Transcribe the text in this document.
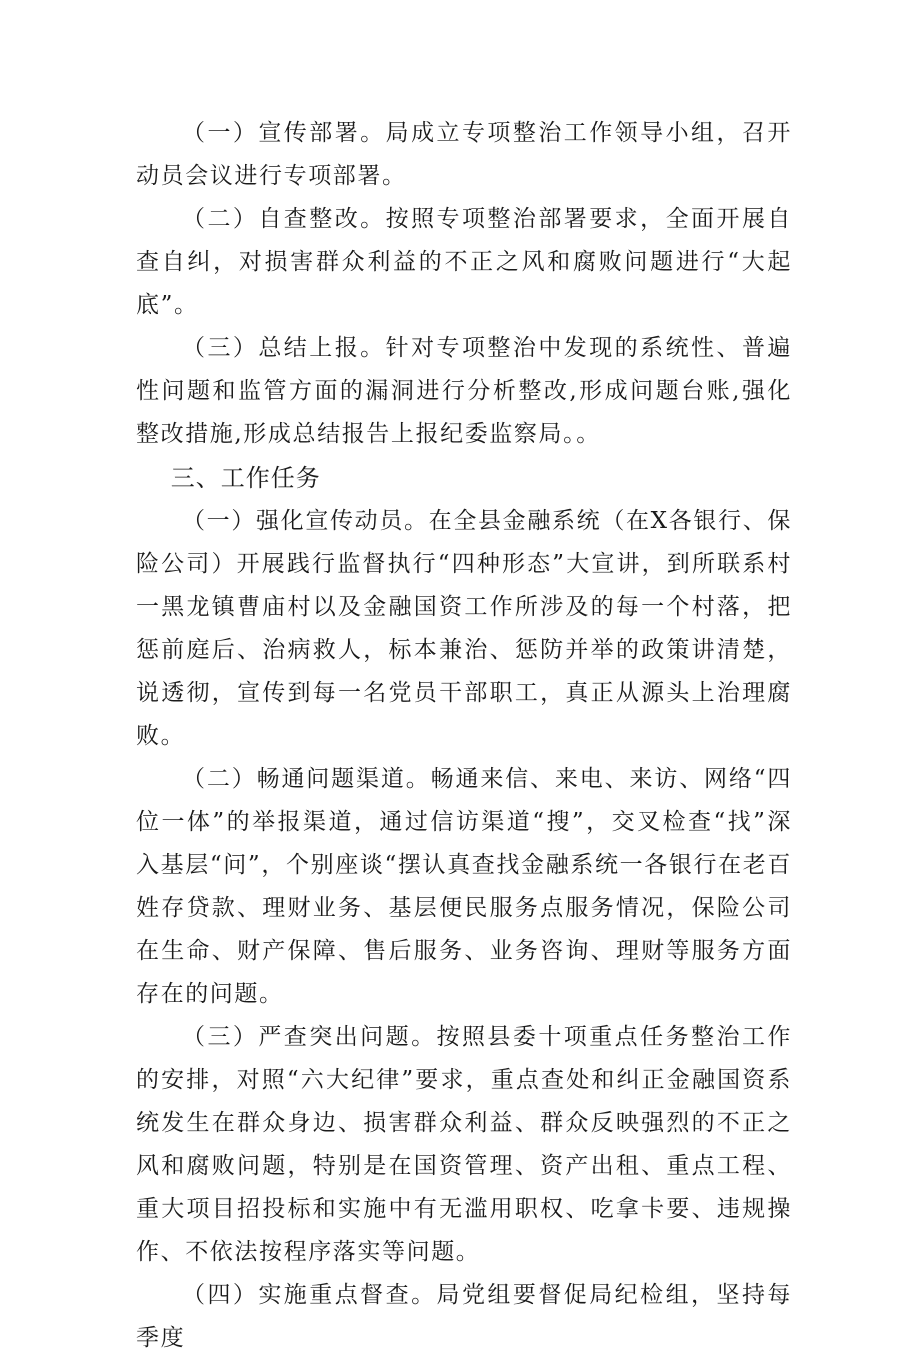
（一）宣传部署。局成立专项整治工作领导小组，召开动员会议进行专项部署。

（二）自查整改。按照专项整治部署要求，全面开展自查自纠，对损害群众利益的不正之风和腐败问题进行“大起底”。

（三）总结上报。针对专项整治中发现的系统性、普遍性问题和监管方面的漏洞进行分析整改,形成问题台账,强化整改措施,形成总结报告上报纪委监察局。。

三、工作任务

（一）强化宣传动员。在全县金融系统（在X各银行、保险公司）开展践行监督执行“四种形态”大宣讲，到所联系村一黑龙镇曹庙村以及金融国资工作所涉及的每一个村落，把惩前庭后、治病救人，标本兼治、惩防并举的政策讲清楚，说透彻，宣传到每一名党员干部职工，真正从源头上治理腐败。

（二）畅通问题渠道。畅通来信、来电、来访、网络“四位一体”的举报渠道，通过信访渠道“搜”，交叉检查“找”深入基层“问”，个别座谈“摆认真查找金融系统一各银行在老百姓存贷款、理财业务、基层便民服务点服务情况，保险公司在生命、财产保障、售后服务、业务咨询、理财等服务方面存在的问题。

（三）严查突出问题。按照县委十项重点任务整治工作的安排，对照“六大纪律”要求，重点查处和纠正金融国资系统发生在群众身边、损害群众利益、群众反映强烈的不正之风和腐败问题，特别是在国资管理、资产出租、重点工程、重大项目招投标和实施中有无滥用职权、吃拿卡要、违规操作、不依法按程序落实等问题。

（四）实施重点督查。局党组要督促局纪检组，坚持每季度
